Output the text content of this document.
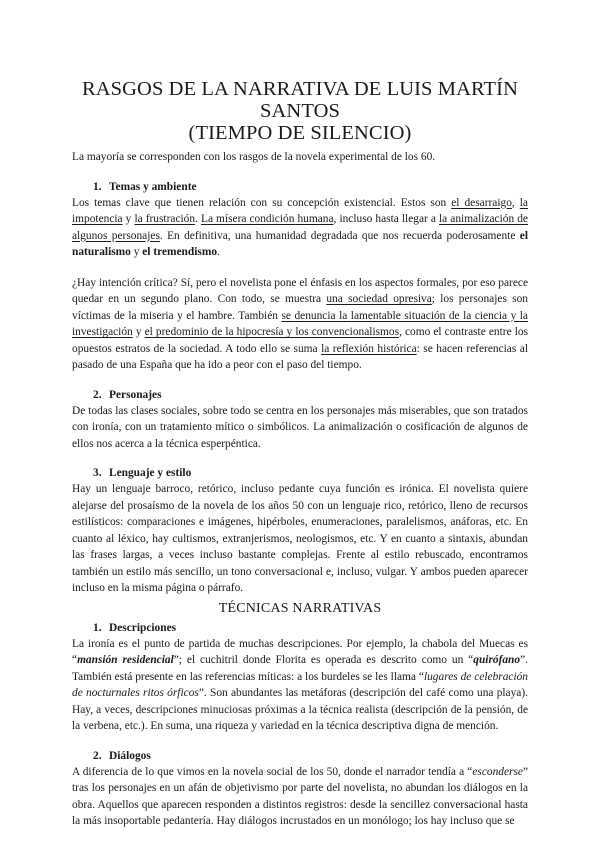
RASGOS DE LA NARRATIVA DE LUIS MARTÍN SANTOS
(TIEMPO DE SILENCIO)

La mayoría se corresponden con los rasgos de la novela experimental de los 60.

1. Temas y ambiente

Los temas clave que tienen relación con su concepción existencial. Estos son el desarraigo, la impotencia y la frustración. La mísera condición humana, incluso hasta llegar a la animalización de algunos personajes. En definitiva, una humanidad degradada que nos recuerda poderosamente el naturalismo y el tremendismo.

¿Hay intención crítica? Sí, pero el novelista pone el énfasis en los aspectos formales, por eso parece quedar en un segundo plano. Con todo, se muestra una sociedad opresiva; los personajes son víctimas de la miseria y el hambre. También se denuncia la lamentable situación de la ciencia y la investigación y el predominio de la hipocresía y los convencionalismos, como el contraste entre los opuestos estratos de la sociedad. A todo ello se suma la reflexión histórica: se hacen referencias al pasado de una España que ha ido a peor con el paso del tiempo.

2. Personajes

De todas las clases sociales, sobre todo se centra en los personajes más miserables, que son tratados con ironía, con un tratamiento mítico o simbólicos. La animalización o cosificación de algunos de ellos nos acerca a la técnica esperpéntica.

3. Lenguaje y estilo

Hay un lenguaje barroco, retórico, incluso pedante cuya función es irónica. El novelista quiere alejarse del prosaísmo de la novela de los años 50 con un lenguaje rico, retórico, lleno de recursos estilísticos: comparaciones e imágenes, hipérboles, enumeraciones, paralelismos, anáforas, etc. En cuanto al léxico, hay cultismos, extranjerismos, neologismos, etc. Y en cuanto a sintaxis, abundan las frases largas, a veces incluso bastante complejas. Frente al estilo rebuscado, encontramos también un estilo más sencillo, un tono conversacional e, incluso, vulgar. Y ambos pueden aparecer incluso en la misma página o párrafo.

TÉCNICAS NARRATIVAS
1. Descripciones

La ironía es el punto de partida de muchas descripciones. Por ejemplo, la chabola del Muecas es “mansión residencial”; el cuchitril donde Florita es operada es descrito como un “quirófano”. También está presente en las referencias míticas: a los burdeles se les llama “lugares de celebración de nocturnales ritos órficos”. Son abundantes las metáforas (descripción del café como una playa). Hay, a veces, descripciones minuciosas próximas a la técnica realista (descripción de la pensión, de la verbena, etc.). En suma, una riqueza y variedad en la técnica descriptiva digna de mención.

2. Diálogos

A diferencia de lo que vimos en la novela social de los 50, donde el narrador tendía a “esconderse” tras los personajes en un afán de objetivismo por parte del novelista, no abundan los diálogos en la obra. Aquellos que aparecen responden a distintos registros: desde la sencillez conversacional hasta la más insoportable pedantería. Hay diálogos incrustados en un monólogo; los hay incluso que se
